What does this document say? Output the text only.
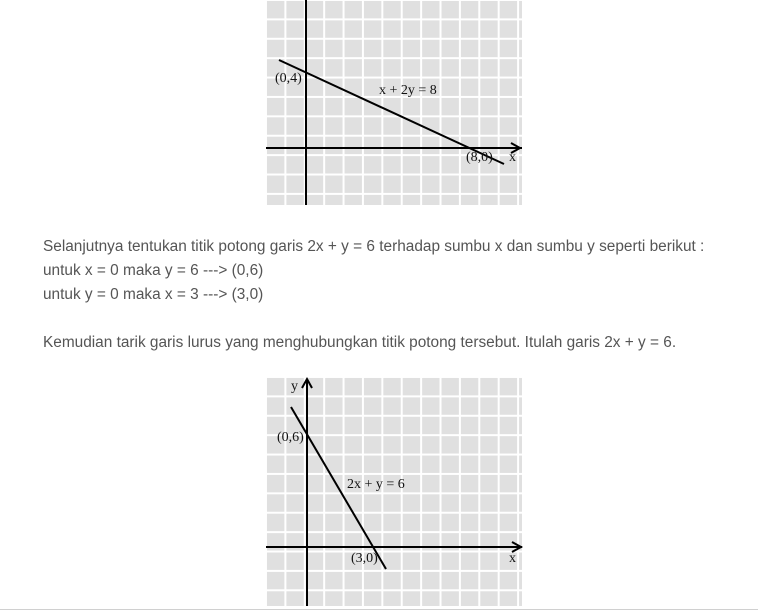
(0,4)
x + 2y = 8
(8,0) x
Selanjutnya tentukan titik potong garis 2x + y = 6 terhadap sumbu x dan sumbu y seperti berikut :
untuk x = 0 maka y = 6 ---> (0,6)
untuk y = 0 maka x = 3 ---> (3,0)
Kemudian tarik garis lurus yang menghubungkan titik potong tersebut. Itulah garis 2x + y = 6.
y
(0,6)
2x + y = 6
(3,0)	x
